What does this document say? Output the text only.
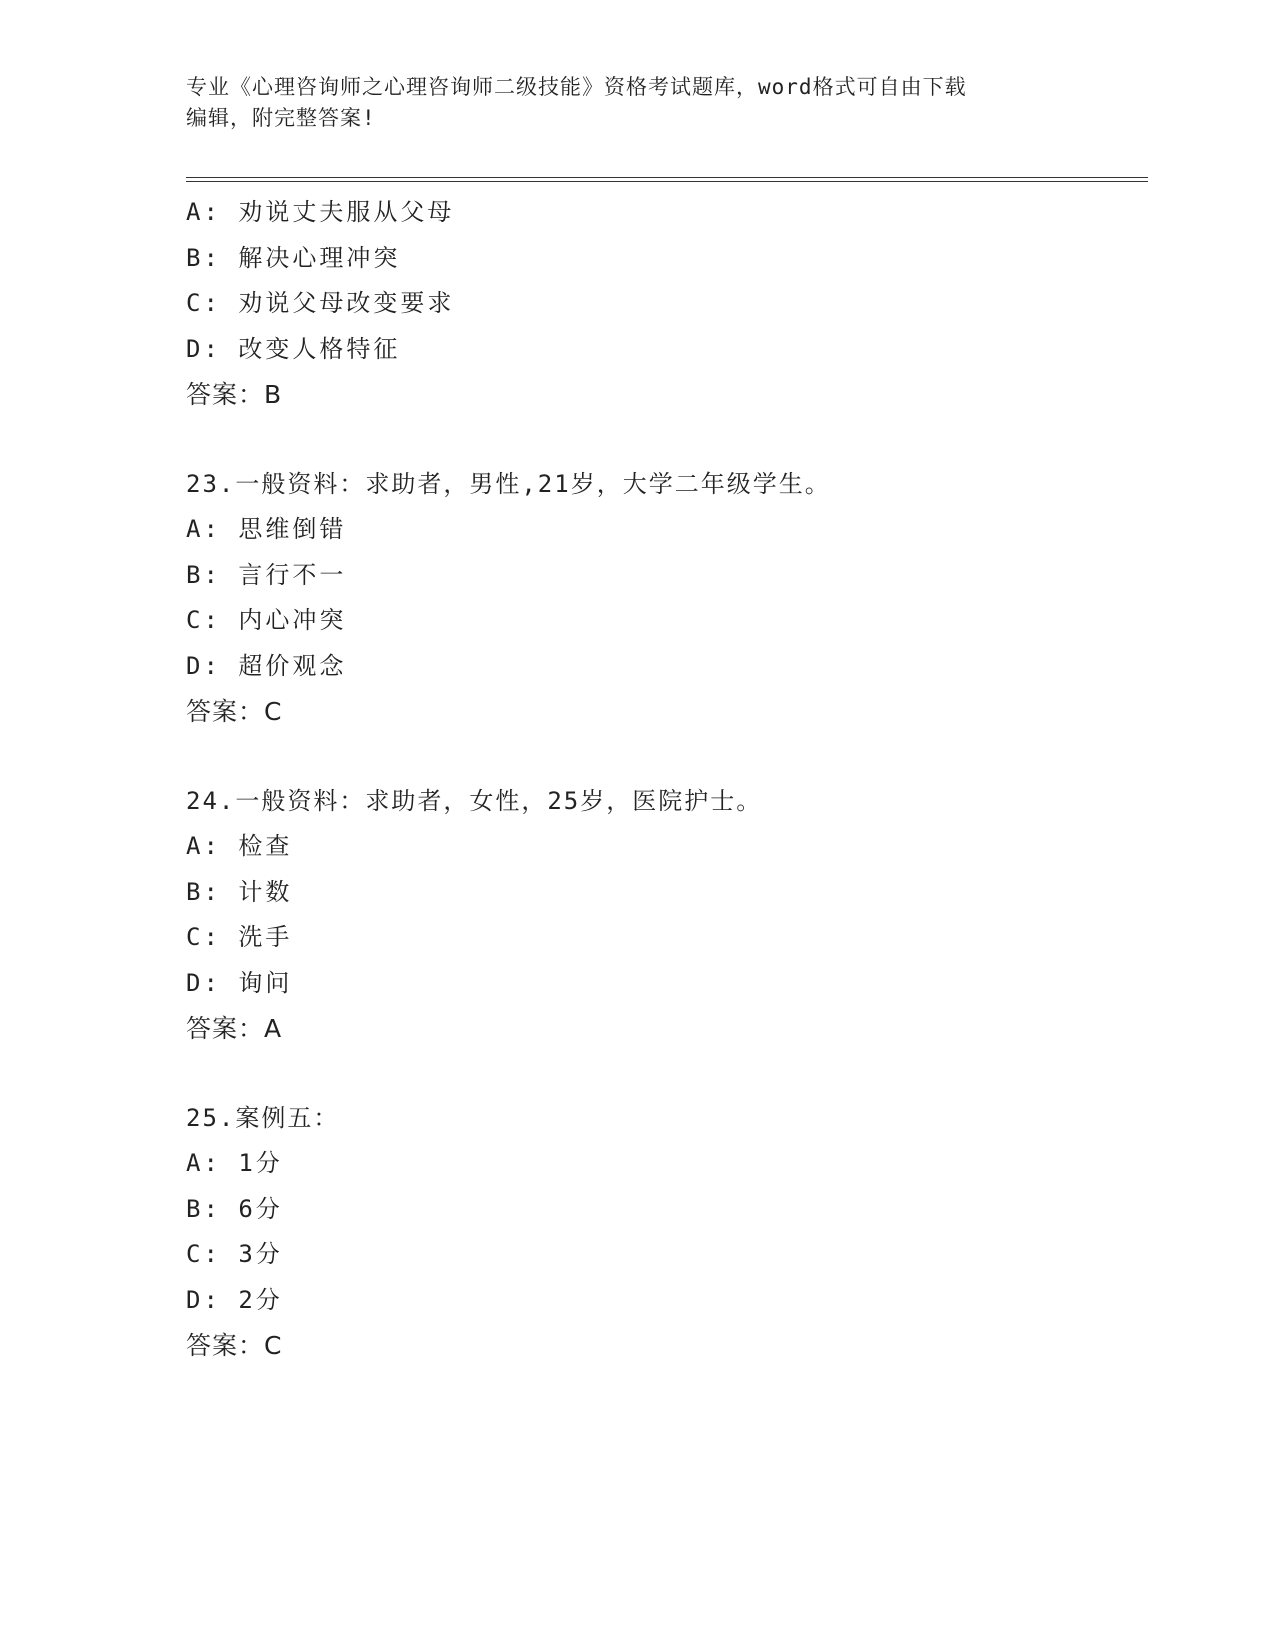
专业《心理咨询师之心理咨询师二级技能》资格考试题库，word格式可自由下载
编辑，附完整答案!
A: 劝说丈夫服从父母
B: 解决心理冲突
C: 劝说父母改变要求
D: 改变人格特征
答案：B
23.一般资料：求助者，男性,21岁，大学二年级学生。
A: 思维倒错
B: 言行不一
C: 内心冲突
D: 超价观念
答案：C
24.一般资料：求助者，女性，25岁，医院护士。
A: 检查
B: 计数
C: 洗手
D: 询问
答案：A
25.案例五：
A: 1分
B: 6分
C: 3分
D: 2分
答案：C
